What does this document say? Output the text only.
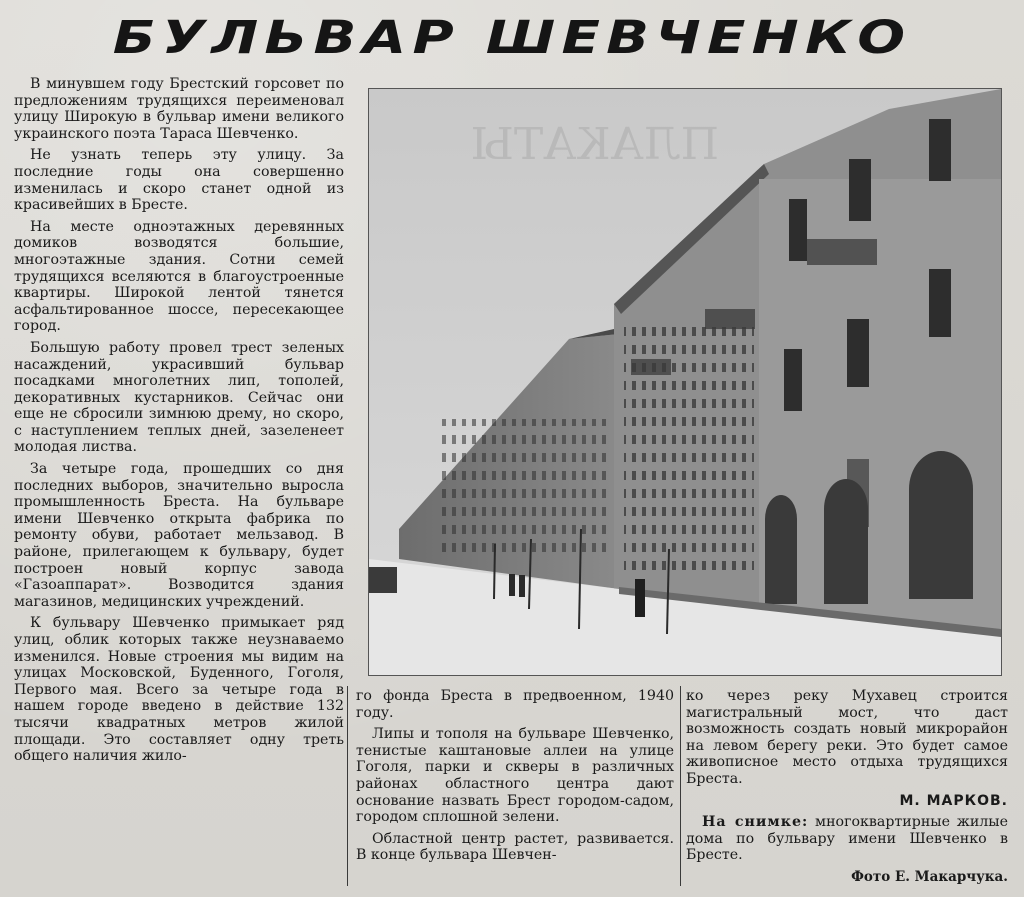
БУЛЬВАР ШЕВЧЕНКО

В минувшем году Брестский горсовет по предложениям трудящихся переименовал улицу Широкую в бульвар имени великого украинского поэта Тараса Шевченко.

Не узнать теперь эту улицу. За последние годы она совершенно изменилась и скоро станет одной из красивейших в Бресте.

На месте одноэтажных деревянных домиков возводятся большие, многоэтажные здания. Сотни семей трудящихся вселяются в благоустроенные квартиры. Широкой лентой тянется асфальтированное шоссе, пересекающее город.

Большую работу провел трест зеленых насаждений, украсивший бульвар посадками многолетних лип, тополей, декоративных кустарников. Сейчас они еще не сбросили зимнюю дрему, но скоро, с наступлением теплых дней, зазеленеет молодая листва.

За четыре года, прошедших со дня последних выборов, значительно выросла промышленность Бреста. На бульваре имени Шевченко открыта фабрика по ремонту обуви, работает мельзавод. В районе, прилегающем к бульвару, будет построен новый корпус завода «Газоаппарат». Возводится здания магазинов, медицинских учреждений.

К бульвару Шевченко примыкает ряд улиц, облик которых также неузнаваемо изменился. Новые строения мы видим на улицах Московской, Буденного, Гоголя, Первого мая. Всего за четыре года в нашем городе введено в действие 132 тысячи квадратных метров жилой площади. Это составляет одну треть общего наличия жило-

ПЛАКАТЫ

го фонда Бреста в предвоенном, 1940 году.

Липы и тополя на бульваре Шевченко, тенистые каштановые аллеи на улице Гоголя, парки и скверы в различных районах областного центра дают основание назвать Брест городом-садом, городом сплошной зелени.

Областной центр растет, развивается. В конце бульвара Шевчен-

ко через реку Мухавец строится магистральный мост, что даст возможность создать новый микрорайон на левом берегу реки. Это будет самое живописное место отдыха трудящихся Бреста.

М. МАРКОВ.

На снимке: многоквартирные жилые дома по бульвару имени Шевченко в Бресте.

Фото Е. Макарчука.
